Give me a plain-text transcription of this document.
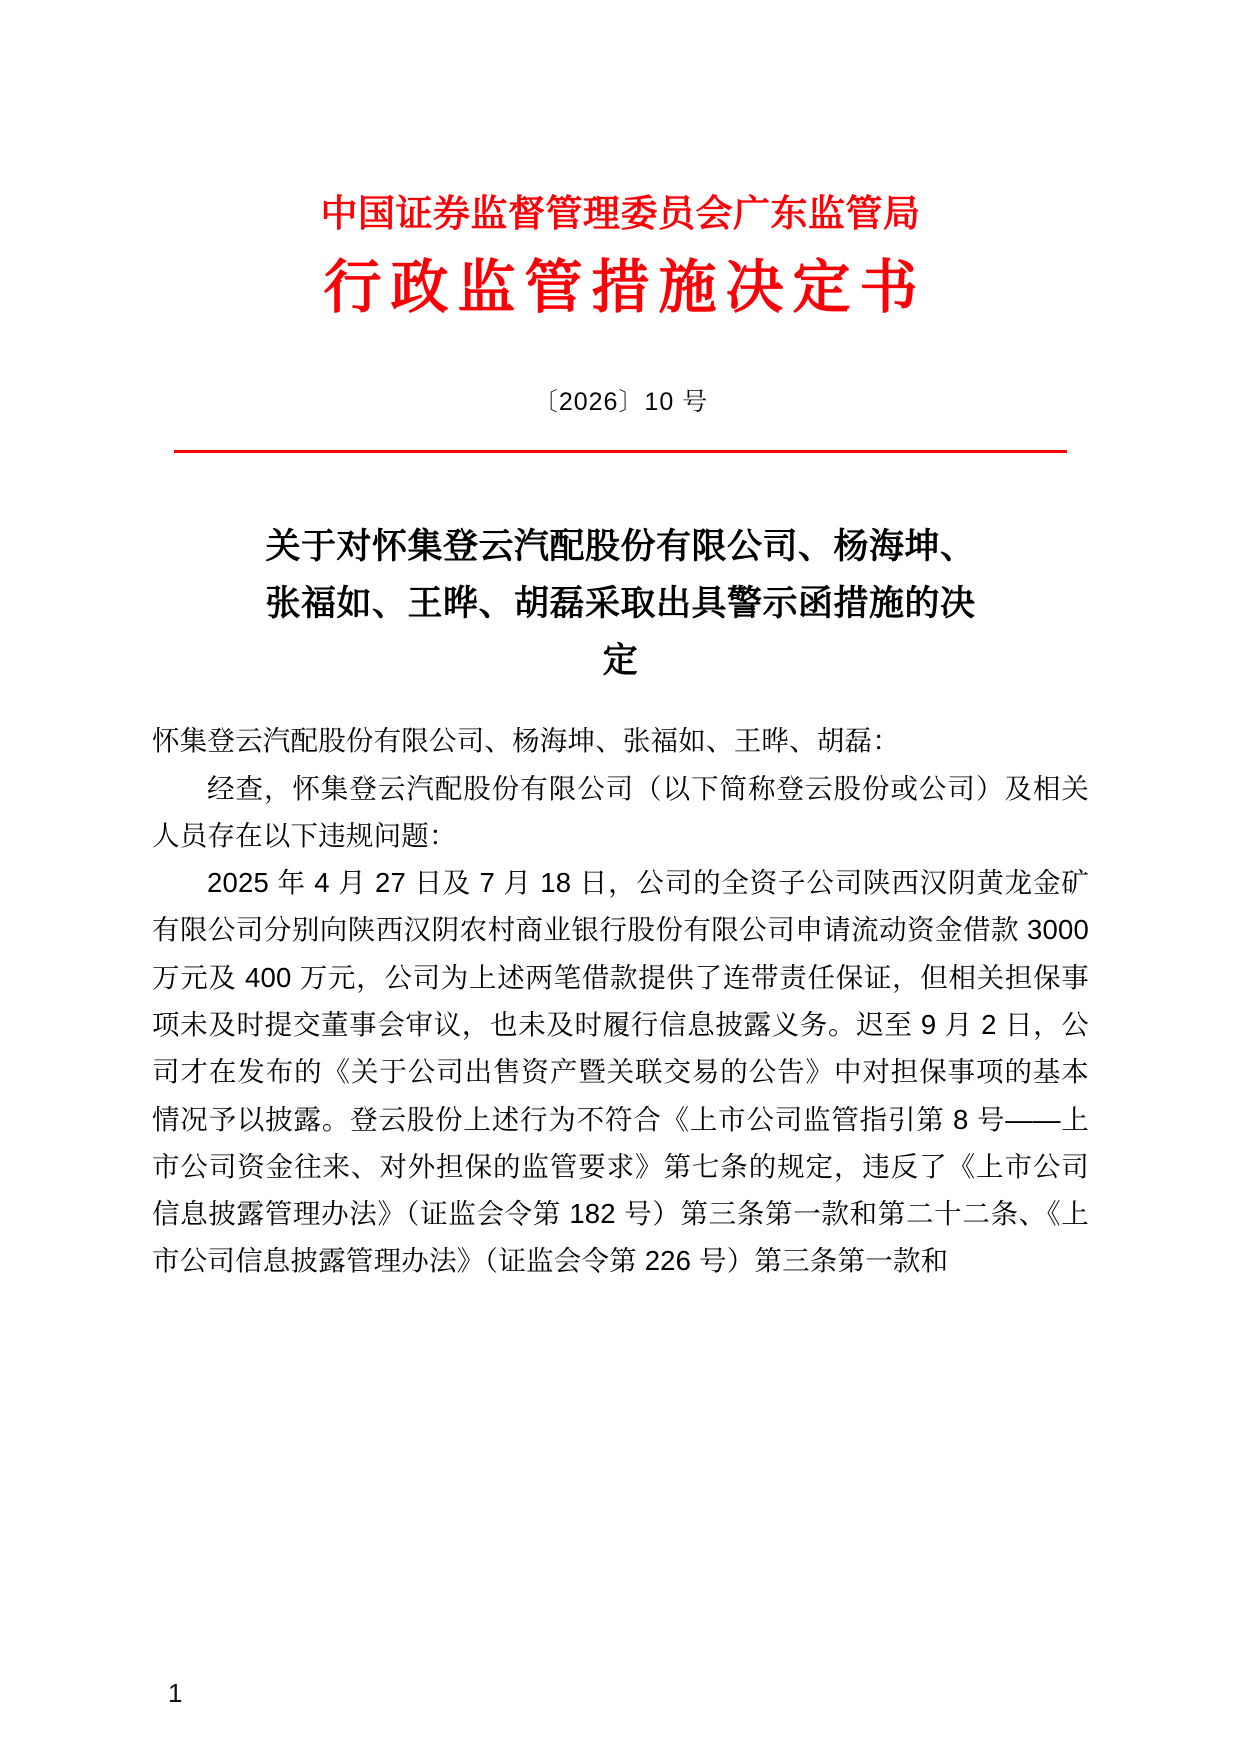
中国证券监督管理委员会广东监管局
行政监管措施决定书
〔2026〕10 号
关于对怀集登云汽配股份有限公司、杨海坤、
张福如、王晔、胡磊采取出具警示函措施的决
定

怀集登云汽配股份有限公司、杨海坤、张福如、王晔、胡磊：

经查，怀集登云汽配股份有限公司（以下简称登云股份或公司）及相关人员存在以下违规问题：

2025 年 4 月 27 日及 7 月 18 日，公司的全资子公司陕西汉阴黄龙金矿有限公司分别向陕西汉阴农村商业银行股份有限公司申请流动资金借款 3000 万元及 400 万元，公司为上述两笔借款提供了连带责任保证，但相关担保事项未及时提交董事会审议，也未及时履行信息披露义务。迟至 9 月 2 日，公司才在发布的《关于公司出售资产暨关联交易的公告》中对担保事项的基本情况予以披露。登云股份上述行为不符合《上市公司监管指引第 8 号——上市公司资金往来、对外担保的监管要求》第七条的规定，违反了《上市公司信息披露管理办法》（证监会令第 182 号）第三条第一款和第二十二条、《上市公司信息披露管理办法》（证监会令第 226 号）第三条第一款和

1
